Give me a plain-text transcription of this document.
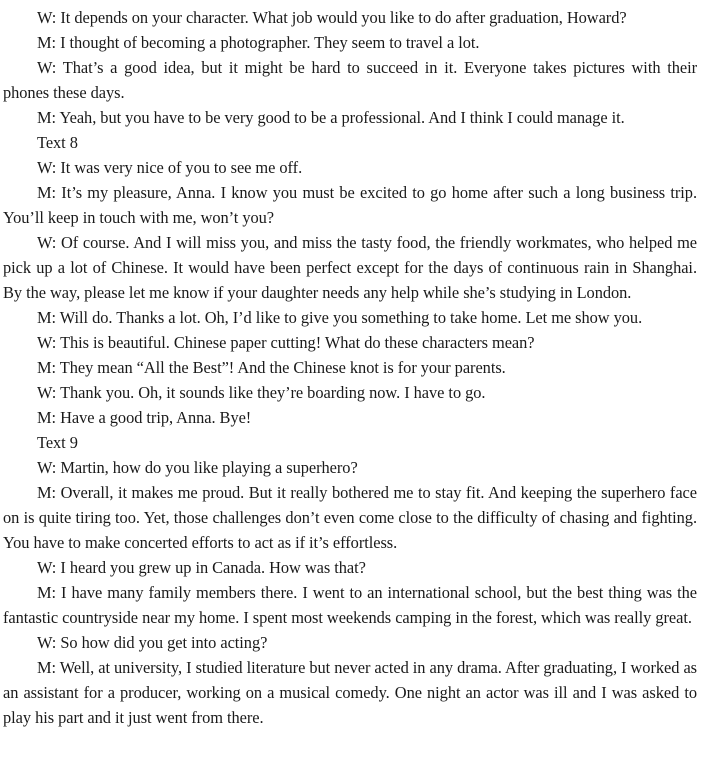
W: It depends on your character. What job would you like to do after graduation, Howard?

M: I thought of becoming a photographer. They seem to travel a lot.

W: That’s a good idea, but it might be hard to succeed in it. Everyone takes pictures with their phones these days.

M: Yeah, but you have to be very good to be a professional. And I think I could manage it.

Text 8

W: It was very nice of you to see me off.

M: It’s my pleasure, Anna. I know you must be excited to go home after such a long business trip. You’ll keep in touch with me, won’t you?

W: Of course. And I will miss you, and miss the tasty food, the friendly workmates, who helped me pick up a lot of Chinese. It would have been perfect except for the days of continuous rain in Shanghai. By the way, please let me know if your daughter needs any help while she’s studying in London.

M: Will do. Thanks a lot. Oh, I’d like to give you something to take home. Let me show you.

W: This is beautiful. Chinese paper cutting! What do these characters mean?

M: They mean “All the Best”! And the Chinese knot is for your parents.

W: Thank you. Oh, it sounds like they’re boarding now. I have to go.

M: Have a good trip, Anna. Bye!

Text 9

W: Martin, how do you like playing a superhero?

M: Overall, it makes me proud. But it really bothered me to stay fit. And keeping the superhero face on is quite tiring too. Yet, those challenges don’t even come close to the difficulty of chasing and fighting. You have to make concerted efforts to act as if it’s effortless.

W: I heard you grew up in Canada. How was that?

M: I have many family members there. I went to an international school, but the best thing was the fantastic countryside near my home. I spent most weekends camping in the forest, which was really great.

W: So how did you get into acting?

M: Well, at university, I studied literature but never acted in any drama. After graduating, I worked as an assistant for a producer, working on a musical comedy. One night an actor was ill and I was asked to play his part and it just went from there.
